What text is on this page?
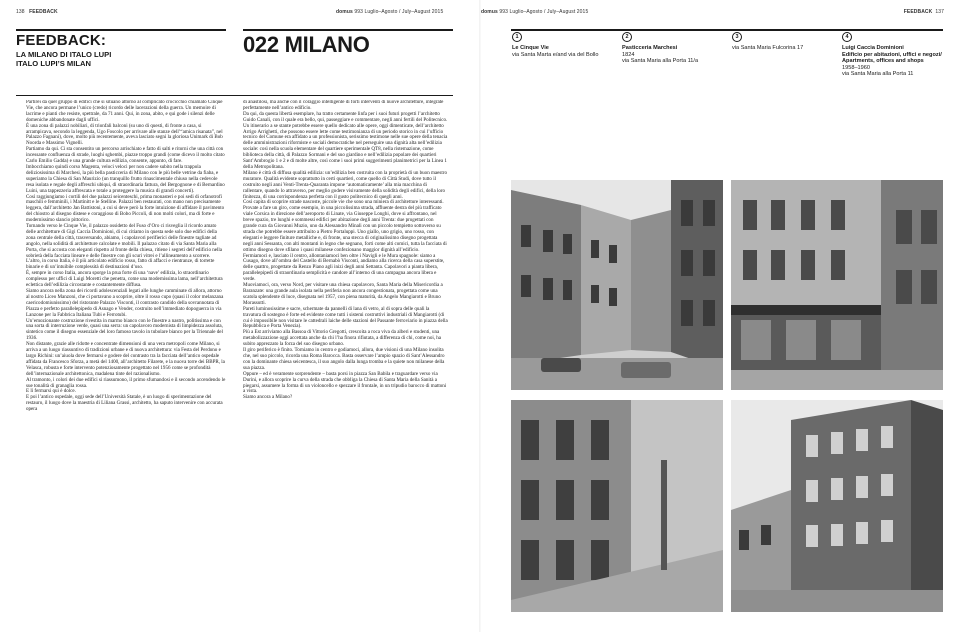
138 FEEDBACK	domus 993 Luglio–Agosto / July–August 2015	domus 993 Luglio–Agosto / July–August 2015	FEEDBACK 137
FEEDBACK:
LA MILANO DI ITALO LUPI
ITALO LUPI’S MILAN
022 MILANO

Partirei da quel gruppo di edifici che si situano attorno al complicato crocicchio chiamato Cinque Vie, che ancora permane l’unico (credo) ricordo delle lacerazioni della guerra. Un memoire di lacrime e pianti che resiste, spettrale, da 71 anni. Qui, in zona, abito, e qui gode i silenzi delle domeniche abbandonate dagli uffici.

È una zona di palazzi nobiliari, di trionfali balconi (su uno di questi, di fronte a casa, si arrampicava, secondo la leggenda, Ugo Foscolo per arrivare alle stanze dell’“amica risanata”, nel Palazzo Fagnani), dove, molto più recentemente, aveva lasciato segni la gloriosa Unimark di Bob Noorda e Massimo Vignelli.

Partiamo da qui. Ci sta consentito un percorso arrischiato e fatto di salti e ritorni che una città con incessante confluenza di strade, luoghi sghembi, piazze troppo grandi (come dicevo il molto citato Carlo Emilio Gadda) e una grande cultura edilizia, consente, appunto, di fare.

Imbocchiamo quindi corso Magenta, veloci veloci per non cadere subito nella trappola deliziosissima di Marchesi, la più bella pasticceria di Milano con le più belle vetrine da fiaba, e superiamo la Chiesa di San Maurizio (un tranquillo frutto rinascimentale chiuso nella cedevole resa isolata e regale degli affreschi ubiqui, di straordinaria fattura, del Bergognone e di Bernardino Luini, una tappezzeria affrescata e totale a proteggere la musica di grandi concerti).

Così raggiungiamo i cortili del due palazzi seicenteschi, prima monasteri e poi sedi di orfanotrofi maschili e femminili, i Martinitt e le Stelline. Palazzi ben restaurati, con mano non precisamente leggera, dall’architetto Jan Battistoni, a cui si deve però la forte intuizione di affidare il pavimento del chiostro al disegno distese e coraggioso di Bobo Piccoli, di non molti colori, ma di forte e modernissimo slancio pittorico.

Tornando verso le Cinque Vie, il palazzo ossidetto del Fuso d’Oro ci risveglia il ricordo amato delle architetture di Gigi Caccia Dominioni, di cui citiamo in questa sede solo due edifici della zona centrale della città, trasversando, abiamo, i capolavori perifierici delle finestre tagliate ad angolo, nella solidità di architetture calcolate e mobili. Il palazzo citato di via Santa Maria alla Porta, che si accosta con eleganti rispetto al fronte della chiesa, ritiene i segreti dell’edificio nella sobrietà della facciata lineare e delle finestre con gli scuri vitrei e l’allineamento a scorrere. L’altro, in corso Italia, è il più articolato edificio rosso, fatto di affacci e rientranze, di torrette binarie e di un’intuibile complessità di destinazioni d’uso.

È, sempre in corso Italia, ancora sporge la prua forte di una ‘nave’ edilizia, lo straordinario complesso per uffici di Luigi Moretti che penetra, come una modernissima lama, nell’architettura eclettica dell’edilizia circostante e costantemente diffusa.

Siamo ancora nella zona dei ricordi adolescenziali legati alle lunghe camminate di allora, attorno al nostro Liceo Manzoni, che ci portavano a scoprire, oltre il rosso cupo (quasi il color melanzana caericodomiunissimo) del ristorante Palazzo Visconti, il contrasto candido della sovrannotata di Piazza e perfetto parallelepipedo di Asnago e Vender, costruito nell’immediato dopoguerra in via Lanzone per la Fabbrica Italiana Tubi e Ferrotubi.

Un’emozionante costruzione rivestita in marmo bianco con le finestre a nastro, politissima e con una sorta di interruzione verde, quasi una serra: un capolavoro modernista di limpidezza assoluta, sintetico come il disegno essenziale del loro famoso tavolo in tubolare bianco per la Triennale del 1936.

Non distante, grazie alle ridotte e concentrate dimensioni di una vera metropoli come Milano, si arriva a un luogo riassuntivo di tradizioni urbane e di nuova architettura: via Festa del Perdono e largo Richini: un’aiuola dove fermarsi e godere del contrasto tra la facciata dell’antico ospedale affidata da Francesco Sforza, a metà del 1400, all’architetto Filarete, e la nuova torre dei BBPR, la Velasca, robusta e forte intervento potenziosamente progettato nel 1956 come se profondità dell’internazionale architettonica, madalena tinte del razionalismo.

Al tramonto, i colori dei due edifici si riassumono, il primo sfumandosi e il secondo accendendo le sue tonalità di granaglia rossa.

E lì fermarsi qui è dolce.

E poi l’antico ospedale, oggi sede dell’Università Statale, è un luogo di sperimentazione del restauro, il luogo dove la maestria di Liliana Grassi, architetto, ha saputo intervenire con accurata opera

di anastilosi, ma anche con il coraggio intelligente di forti interventi di nuove architetture, integrate perfettamente nell’antico edificio.

Da qui, da questa libertà esemplare, ha tratto certamente linfa per i suoi futuri progetti l’architetto Guido Canali, con il quale era bello, qui, passeggiare e commentare, negli anni fertili del Politecnico.

Un itinerario a se stante potrebbe essere quello dedicato alle opere, oggi dimenticate, dell’architetto Arrigo Arrighetti, che possono essere lette come testimonianza di un periodo storico in cui l’ufficio tecnico del Comune era affidato a un professionista, serissimo testimone nelle sue opere della tenacia delle amministrazioni riformiste e sociali democratiche nel perseguire una dignità alta nell’edilizia sociale: così nella scuola elementare del quartiere sperimentale QT8, nella ristemazione, come biblioteca della città, di Palazzo Sormani e del suo giardino e nell’edilizia popolare dei quartieri Sant’Ambrogio 1 e 2 e di molte altre, così come i suoi primi suggerimenti planimetrici per la Linea 1 della Metropolitana.

Milano è città di diffusa qualità edilizia: un’edilizia ben costruita con la proprietà di un buon maestro muratore. Qualità evidente soprattutto in certi quartieri, come quello di Città Studi, dove tutto il costruito negli anni Venti-Trenta-Quaranta impone ‘automaticamente’ alla mia macchina di rallentare, quando lo attraverso, per meglio godere visivamente della solidità degli edifici, della loro finitezza, di una corrispondenza perfetta con il gusto politecnico di quegli anni.

Così capita di scoprire strade nascoste, piccole vie che sono una miniera di architetture interessanti.

Provate a fare un giro, come esempio, in una piccolissima strada, affluente destra del più trafficato viale Corsica in direzione dell’aeroporto di Linate, via Giuseppe Longhi, dove si affrontano, nel breve spazio, tre lunghi e sommessi edifici per abitazione degli anni Trenta: due progettati con grande cura da Giovanni Muzio, uno da Alessandro Minali con un piccolo tempietto sottoverso su strada che potrebbe essere attribuito a Pietro Portaluppi. Uno giallo, uno grigio, uno rosso, con eleganti e leggere finiture metalliche e, di fronte, una stecca di originalissimo disegno progettata negli anni Sessanta, con alti montanti in legno che segnano, forti come alti comici, tutta la facciata di ottimo disegno dove sfilano i quasi milanese confezionano maggior dignità all’edificio.

Fermiamoci e, lasciato il centro, allontaniamoci ben oltre i Navigli e le Mura spagnole: siamo a Cusago, dove all’ombra del Castello di Bernabò Visconti, andiamo alla ricerca della casa superstite, delle quattro, progettate da Renzo Piano agli inizi degli anni Settanta. Capolavori a pianta libera, parallelepipedi di straordinaria semplicità e candore all’interno di una campagna ancora libera e verde.

Muoviamoci, ora, verso Nord, per visitare una chiesa capolavoro, Santa Maria della Misericordia a Baranzate: una grande aula isolata nella periferia non ancora congestionata, progettata come una scatola splendente di luce, disegnata nel 1957, con piena maturità, da Angelo Mangiarotti e Bruno Morassutti.

Pareti luminosissime e sacre, schermate da pannelli di lana di vetro, al di sopra delle quali la travatura di sostegno è forte ed evidente come tutti i sistemi costruttivi industriali di Mangiarotti (di cui è impossibile non visitare le cattedrali laiche delle stazioni del Passante ferroviario in piazza della Repubblica e Porta Venezia).

Più a Est arriviamo alla Bassoa di Vittorio Gregotti, crescoita a roca viva da alberi e studenti, una metabolizzazione oggi accettata anche da chi l’ha finora rifiutata, a differenza di chi, come noi, ha subito apprezzato la forza del suo disegno urbano.

Il giro periferico è finito. Torniamo in centro e godiamoci, allora, due visioni di una Milano insolita che, nel suo piccolo, ricorda una Roma Barocca. Basta osservare l’ampio spazio di Sant’Alessandro con la dominante chiesa seicentesca, il suo angolo dalla lunga tromba e la quiete non milanese della sua piazza.

Oppure – ed è veramente sorprendente – basta porsi in piazza San Babila e traguardare verso via Durini, e allora scoprire la curva della strada che obbliga la Chiesa di Santa Maria della Sanità a piegarsi, assumere la forma di un violoncello e spezzare il frontale, in un tripudio barocco di mattoni a vista.

Siamo ancora a Milano?

1
Le Cinque Vie
via Santa Marta e/and via del Bollo
2
Pasticceria Marchesi
1824
via Santa Maria alla Porta 11/a
3
via Santa Maria Fulcorina 17
4
Luigi Caccia Dominioni
Edificio per abitazioni, uffici e negozi/ Apartments, offices and shops
1958–1960
via Santa Maria alla Porta 11
